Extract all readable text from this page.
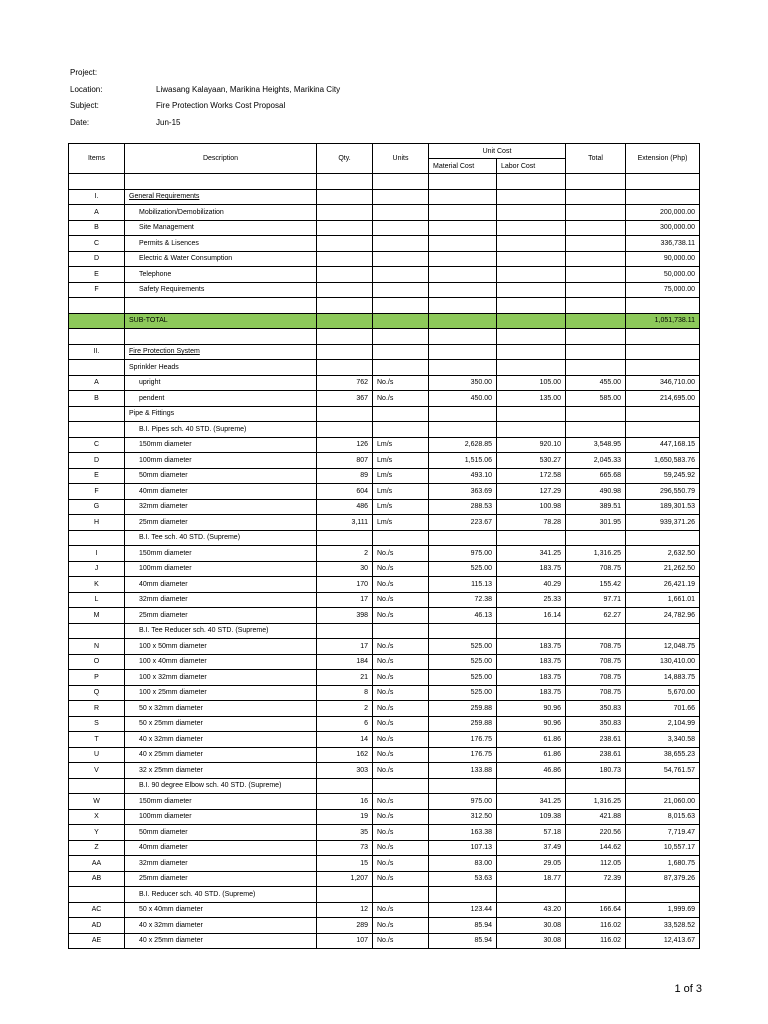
Project:
Location:	Liwasang Kalayaan, Marikina Heights, Marikina City
Subject:	Fire Protection Works Cost Proposal
Date:	Jun-15
Items	Description	Qty.	Units	Unit Cost		Total	Extension (Php)
				Material Cost	Labor Cost		

I.	General Requirements						
A	Mobilization/Demobilization						200,000.00
B	Site Management						300,000.00
C	Permits & Lisences						336,738.11
D	Electric & Water Consumption						90,000.00
E	Telephone						50,000.00
F	Safety Requirements						75,000.00

	SUB-TOTAL						1,051,738.11

II.	Fire Protection System						
	Sprinkler Heads						
A	upright	762	No./s	350.00	105.00	455.00	346,710.00
B	pendent	367	No./s	450.00	135.00	585.00	214,695.00
	Pipe & Fittings						
	B.I. Pipes sch. 40 STD. (Supreme)						
C	150mm diameter	126	Lm/s	2,628.85	920.10	3,548.95	447,168.15
D	100mm diameter	807	Lm/s	1,515.06	530.27	2,045.33	1,650,583.76
E	50mm diameter	89	Lm/s	493.10	172.58	665.68	59,245.92
F	40mm diameter	604	Lm/s	363.69	127.29	490.98	296,550.79
G	32mm diameter	486	Lm/s	288.53	100.98	389.51	189,301.53
H	25mm diameter	3,111	Lm/s	223.67	78.28	301.95	939,371.26
	B.I. Tee sch. 40 STD. (Supreme)						
I	150mm diameter	2	No./s	975.00	341.25	1,316.25	2,632.50
J	100mm diameter	30	No./s	525.00	183.75	708.75	21,262.50
K	40mm diameter	170	No./s	115.13	40.29	155.42	26,421.19
L	32mm diameter	17	No./s	72.38	25.33	97.71	1,661.01
M	25mm diameter	398	No./s	46.13	16.14	62.27	24,782.96
	B.I. Tee Reducer sch. 40 STD. (Supreme)						
N	100 x 50mm diameter	17	No./s	525.00	183.75	708.75	12,048.75
O	100 x 40mm diameter	184	No./s	525.00	183.75	708.75	130,410.00
P	100 x 32mm diameter	21	No./s	525.00	183.75	708.75	14,883.75
Q	100 x 25mm diameter	8	No./s	525.00	183.75	708.75	5,670.00
R	50 x 32mm diameter	2	No./s	259.88	90.96	350.83	701.66
S	50 x 25mm diameter	6	No./s	259.88	90.96	350.83	2,104.99
T	40 x 32mm diameter	14	No./s	176.75	61.86	238.61	3,340.58
U	40 x 25mm diameter	162	No./s	176.75	61.86	238.61	38,655.23
V	32 x 25mm diameter	303	No./s	133.88	46.86	180.73	54,761.57
	B.I. 90 degree Elbow sch. 40 STD. (Supreme)						
W	150mm diameter	16	No./s	975.00	341.25	1,316.25	21,060.00
X	100mm diameter	19	No./s	312.50	109.38	421.88	8,015.63
Y	50mm diameter	35	No./s	163.38	57.18	220.56	7,719.47
Z	40mm diameter	73	No./s	107.13	37.49	144.62	10,557.17
AA	32mm diameter	15	No./s	83.00	29.05	112.05	1,680.75
AB	25mm diameter	1,207	No./s	53.63	18.77	72.39	87,379.26
	B.I. Reducer sch. 40 STD. (Supreme)						
AC	50 x 40mm diameter	12	No./s	123.44	43.20	166.64	1,999.69
AD	40 x 32mm diameter	289	No./s	85.94	30.08	116.02	33,528.52
AE	40 x 25mm diameter	107	No./s	85.94	30.08	116.02	12,413.67
1 of 3
